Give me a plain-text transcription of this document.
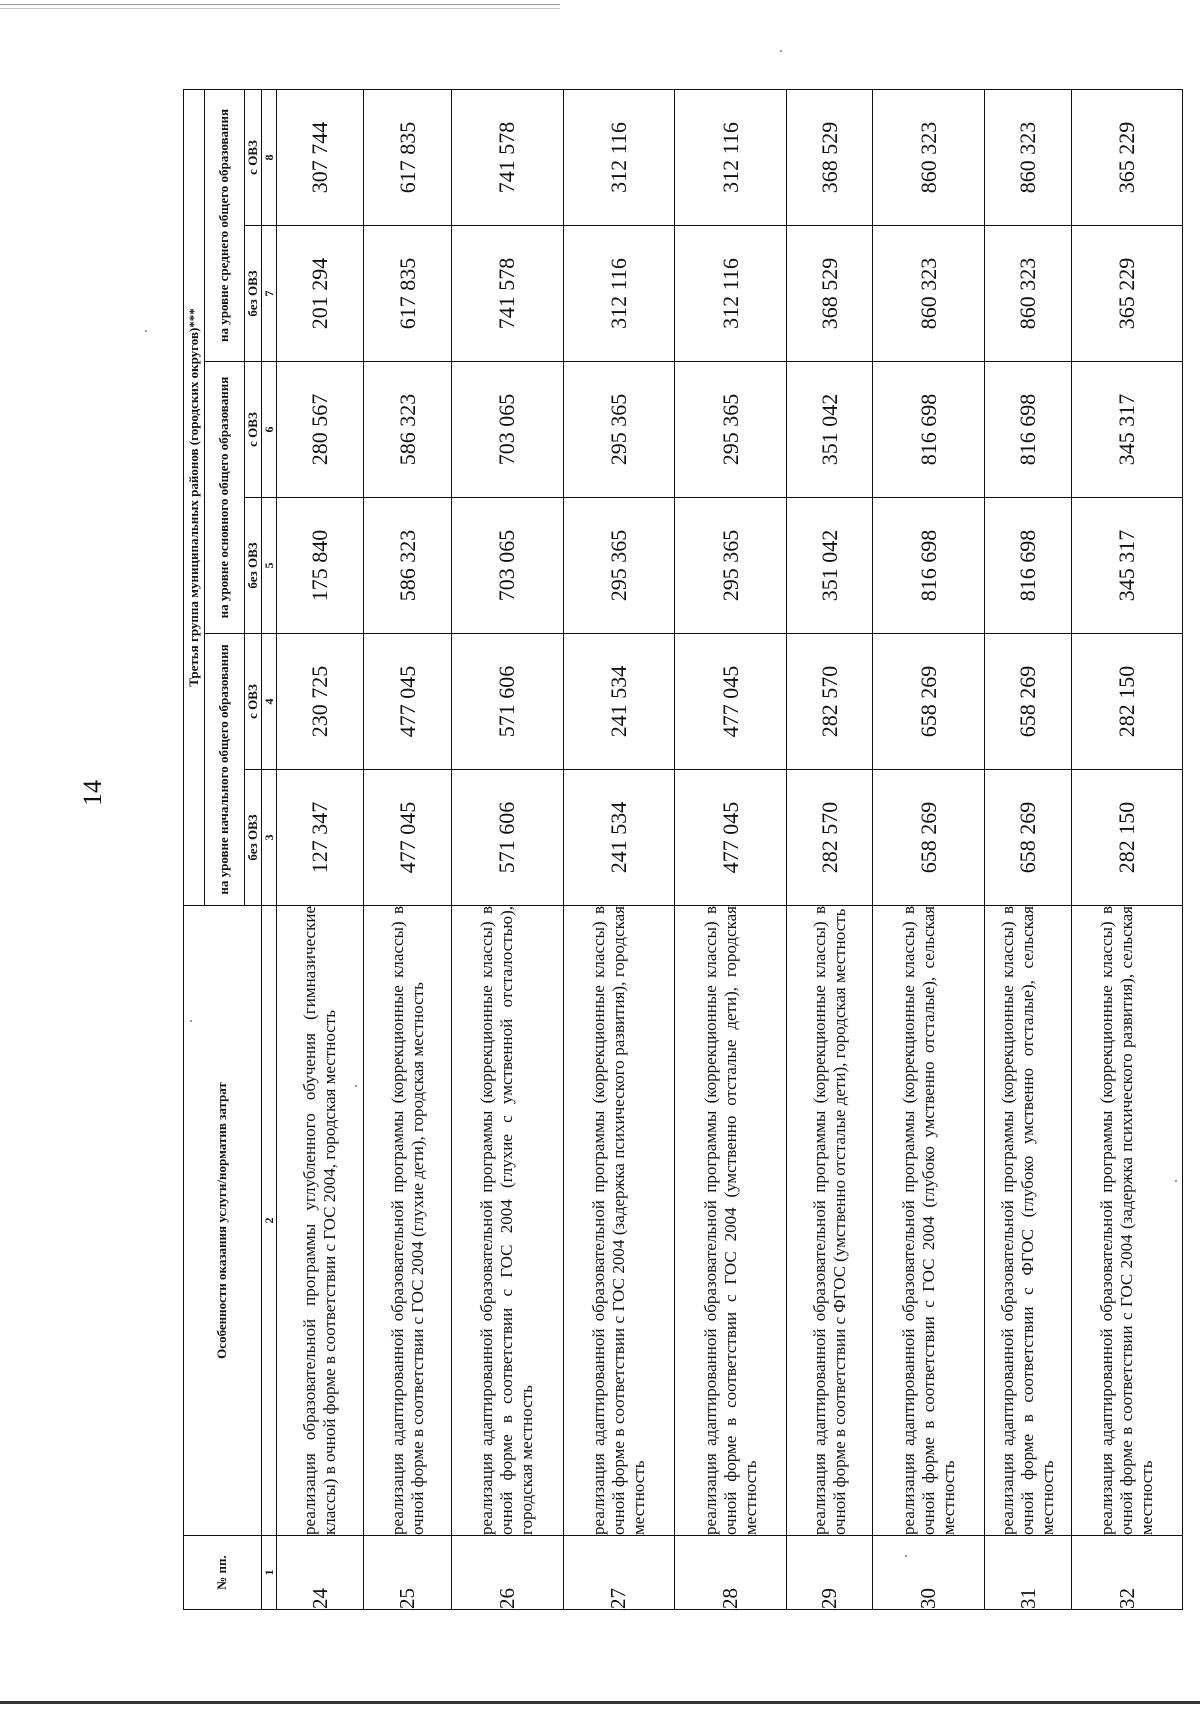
14
№ пп.	Особенности оказания услуги/норматив затрат	Третья группа муниципальных районов (городских округов)***					
		на уровне начального общего образования		на уровне основного общего образования		на уровне среднего общего образования	
		без ОВЗ	с ОВЗ	без ОВЗ	с ОВЗ	без ОВЗ	с ОВЗ
1	2	3	4	5	6	7	8
24	реализация образовательной программы углубленного обучения (гимназические классы) в очной форме в соответствии с ГОС 2004, городская местность	127 347	230 725	175 840	280 567	201 294	307 744
25	реализация адаптированной образовательной программы (коррекционные классы) в очной форме в соответствии с ГОС 2004 (глухие дети), городская местность	477 045	477 045	586 323	586 323	617 835	617 835
26	реализация адаптированной образовательной программы (коррекционные классы) в очной форме в соответствии с ГОС 2004 (глухие с умственной отсталостью), городская местность	571 606	571 606	703 065	703 065	741 578	741 578
27	реализация адаптированной образовательной программы (коррекционные классы) в очной форме в соответствии с ГОС 2004 (задержка психического развития), городская местность	241 534	241 534	295 365	295 365	312 116	312 116
28	реализация адаптированной образовательной программы (коррекционные классы) в очной форме в соответствии с ГОС 2004 (умственно отсталые дети), городская местность	477 045	477 045	295 365	295 365	312 116	312 116
29	реализация адаптированной образовательной программы (коррекционные классы) в очной форме в соответствии с ФГОС (умственно отсталые дети), городская местность	282 570	282 570	351 042	351 042	368 529	368 529
30	реализация адаптированной образовательной программы (коррекционные классы) в очной форме в соответствии с ГОС 2004 (глубоко умственно отсталые), сельская местность	658 269	658 269	816 698	816 698	860 323	860 323
31	реализация адаптированной образовательной программы (коррекционные классы) в очной форме в соответствии с ФГОС (глубоко умственно отсталые), сельская местность	658 269	658 269	816 698	816 698	860 323	860 323
32	реализация адаптированной образовательной программы (коррекционные классы) в очной форме в соответствии с ГОС 2004 (задержка психического развития), сельская местность	282 150	282 150	345 317	345 317	365 229	365 229
